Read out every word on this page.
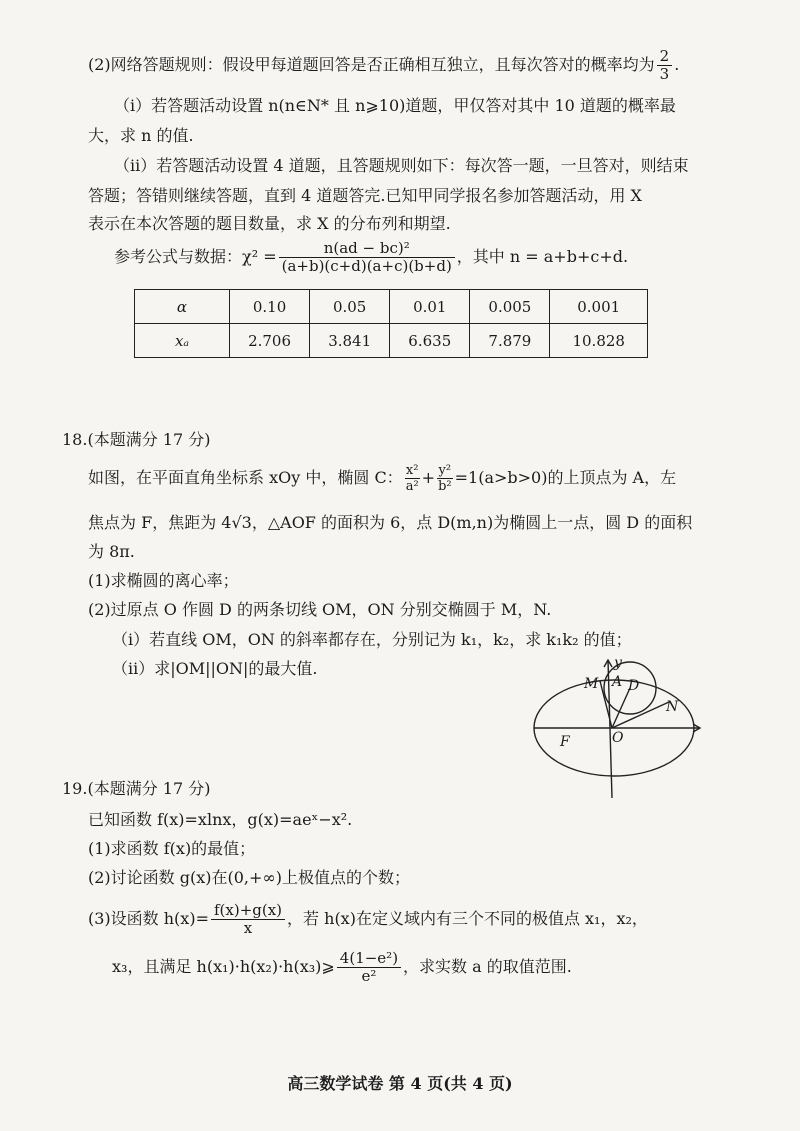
(2)网络答题规则：假设甲每道题回答是否正确相互独立，且每次答对的概率均为 $\frac{2}{3}$ .
（ⅰ）若答题活动设置 n(n∈N* 且 n⩾10)道题，甲仅答对其中 10 道题的概率最
大，求 n 的值.
（ⅱ）若答题活动设置 4 道题，且答题规则如下：每次答一题，一旦答对，则结束
答题；答错则继续答题，直到 4 道题答完.已知甲同学报名参加答题活动，用 X
表示在本次答题的题目数量，求 X 的分布列和期望.
参考公式与数据：$\chi^2 = \frac{\text{n(ad − bc)²}}{(a+b)(c+d)(a+c)(b+d)}$ ，其中 n = a+b+c+d.
α	0.10	0.05	0.01	0.005	0.001
xₐ	2.706	3.841	6.635	7.879	10.828
18.(本题满分 17 分)
如图，在平面直角坐标系 xOy 中，椭圆 C： $\frac{\text{x²}}{\text{a²}} + \frac{\text{y²}}{\text{b²}} =1(a>b>0)$的上顶点为 A，左
焦点为 F，焦距为 4√3，△AOF 的面积为 6，点 D(m,n)为椭圆上一点，圆 D 的面积
为 8π.
(1)求椭圆的离心率；
(2)过原点 O 作圆 D 的两条切线 OM，ON 分别交椭圆于 M，N.
（ⅰ）若直线 OM，ON 的斜率都存在，分别记为 k₁，k₂，求 k₁k₂ 的值；
（ⅱ）求|OM||ON|的最大值.	y
M A D
N
F	O
19.(本题满分 17 分)
已知函数 f(x)=xlnx，g(x)=aeˣ−x².
(1)求函数 f(x)的最值；
(2)讨论函数 g(x)在(0,+∞)上极值点的个数；
(3)设函数 $h(x)= \frac{f(x)+g(x)}{x}$ ，若 h(x)在定义域内有三个不同的极值点 x₁，x₂，
x₃，且满足 h(x₁)·h(x₂)·h(x₃)⩾ $\frac{\text{4(1−e²)}}{\text{e²}}$ ，求实数 a 的取值范围.
高三数学试卷 第 4 页(共 4 页)
